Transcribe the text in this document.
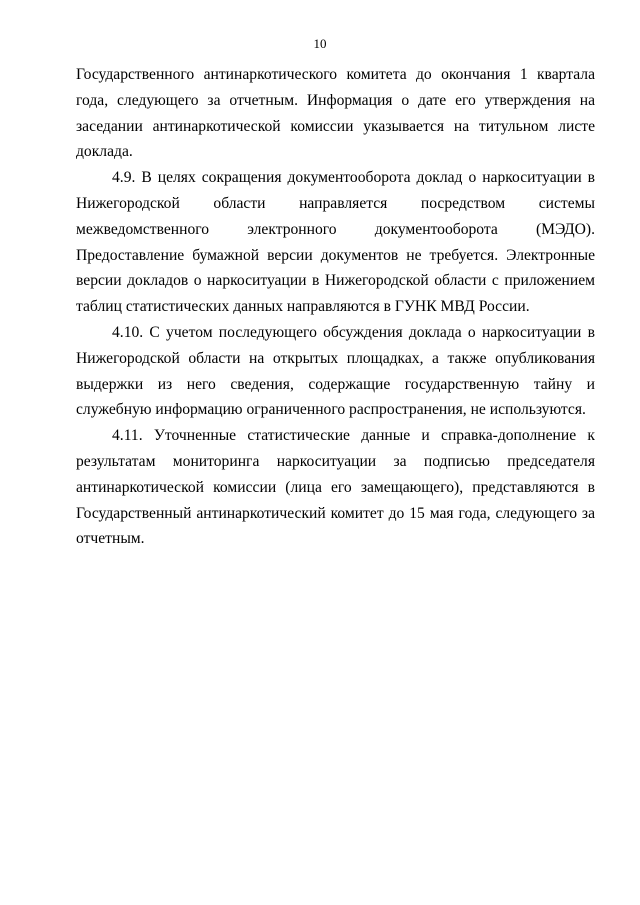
10

Государственного антинаркотического комитета до окончания 1 квартала года, следующего за отчетным. Информация о дате его утверждения на заседании антинаркотической комиссии указывается на титульном листе доклада.

4.9. В целях сокращения документооборота доклад о наркоситуации в Нижегородской области направляется посредством системы межведомственного электронного документооборота (МЭДО). Предоставление бумажной версии документов не требуется. Электронные версии докладов о наркоситуации в Нижегородской области с приложением таблиц статистических данных направляются в ГУНК МВД России.

4.10. С учетом последующего обсуждения доклада о наркоситуации в Нижегородской области на открытых площадках, а также опубликования выдержки из него сведения, содержащие государственную тайну и служебную информацию ограниченного распространения, не используются.

4.11. Уточненные статистические данные и справка-дополнение к результатам мониторинга наркоситуации за подписью председателя антинаркотической комиссии (лица его замещающего), представляются в Государственный антинаркотический комитет до 15 мая года, следующего за отчетным.
